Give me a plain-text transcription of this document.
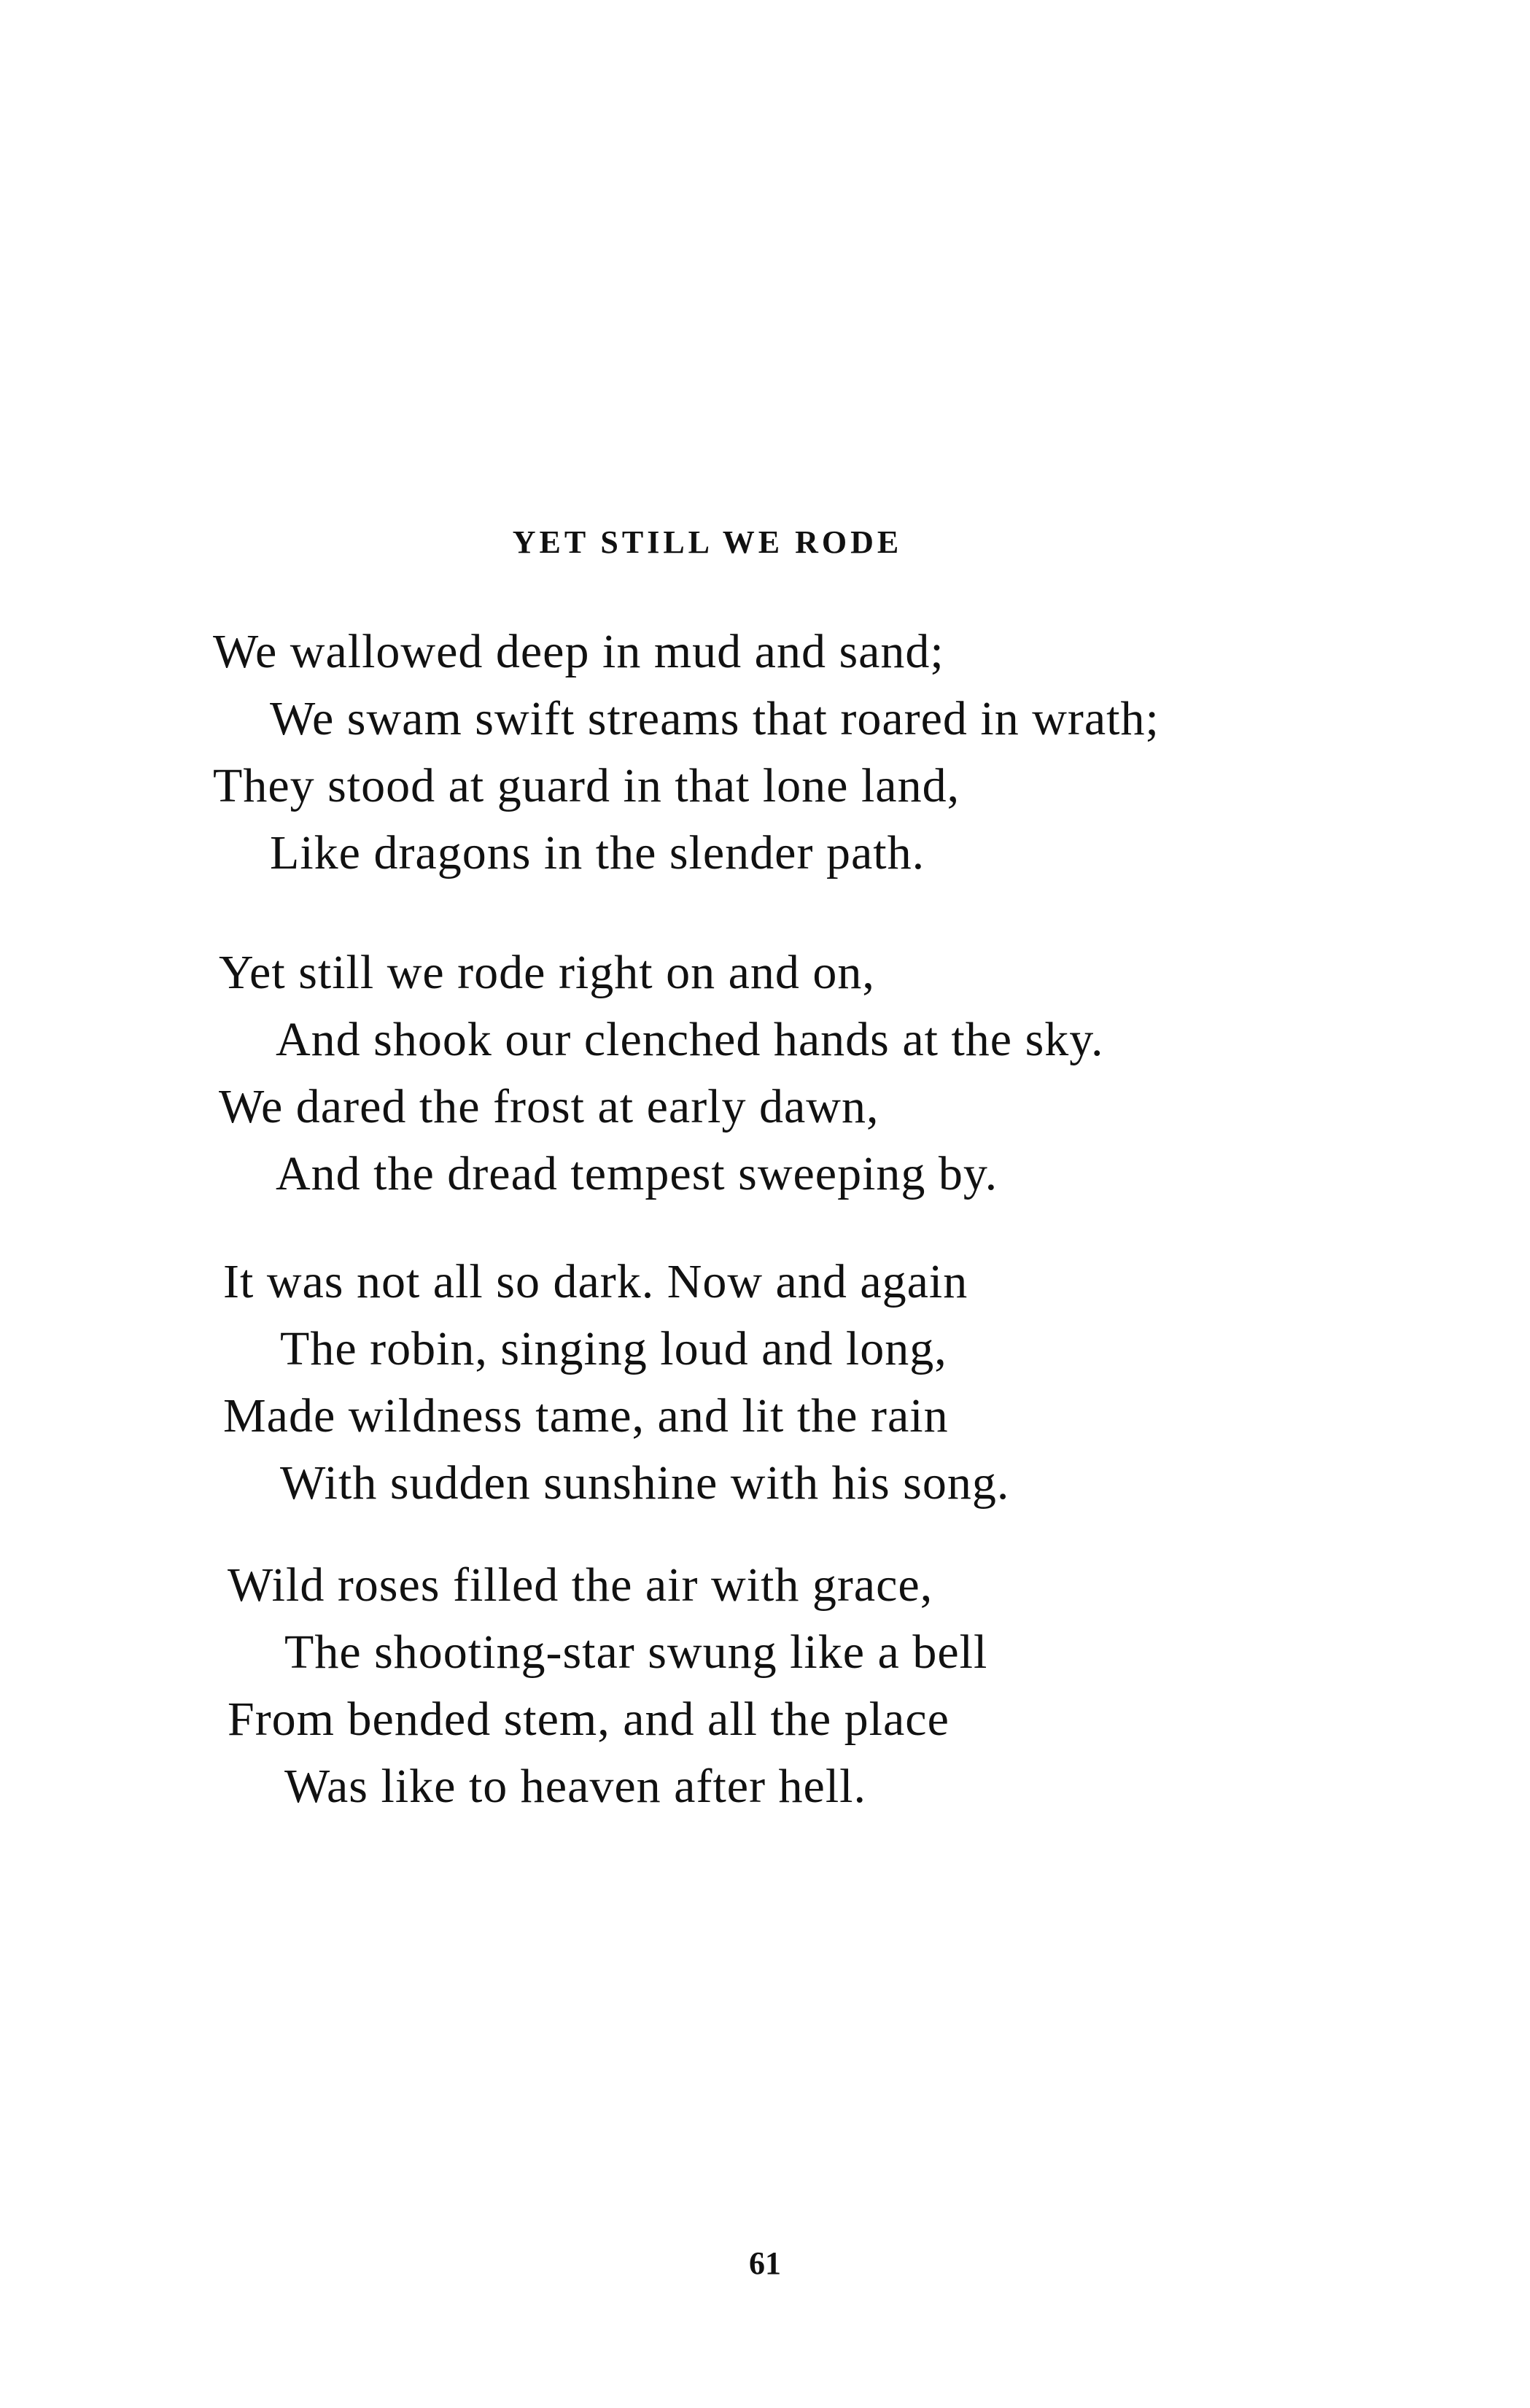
YET STILL WE RODE
We wallowed deep in mud and sand;
We swam swift streams that roared in wrath;
They stood at guard in that lone land,
Like dragons in the slender path.
Yet still we rode right on and on,
And shook our clenched hands at the sky.
We dared the frost at early dawn,
And the dread tempest sweeping by.
It was not all so dark. Now and again
The robin, singing loud and long,
Made wildness tame, and lit the rain
With sudden sunshine with his song.
Wild roses filled the air with grace,
The shooting-star swung like a bell
From bended stem, and all the place
Was like to heaven after hell.

61
